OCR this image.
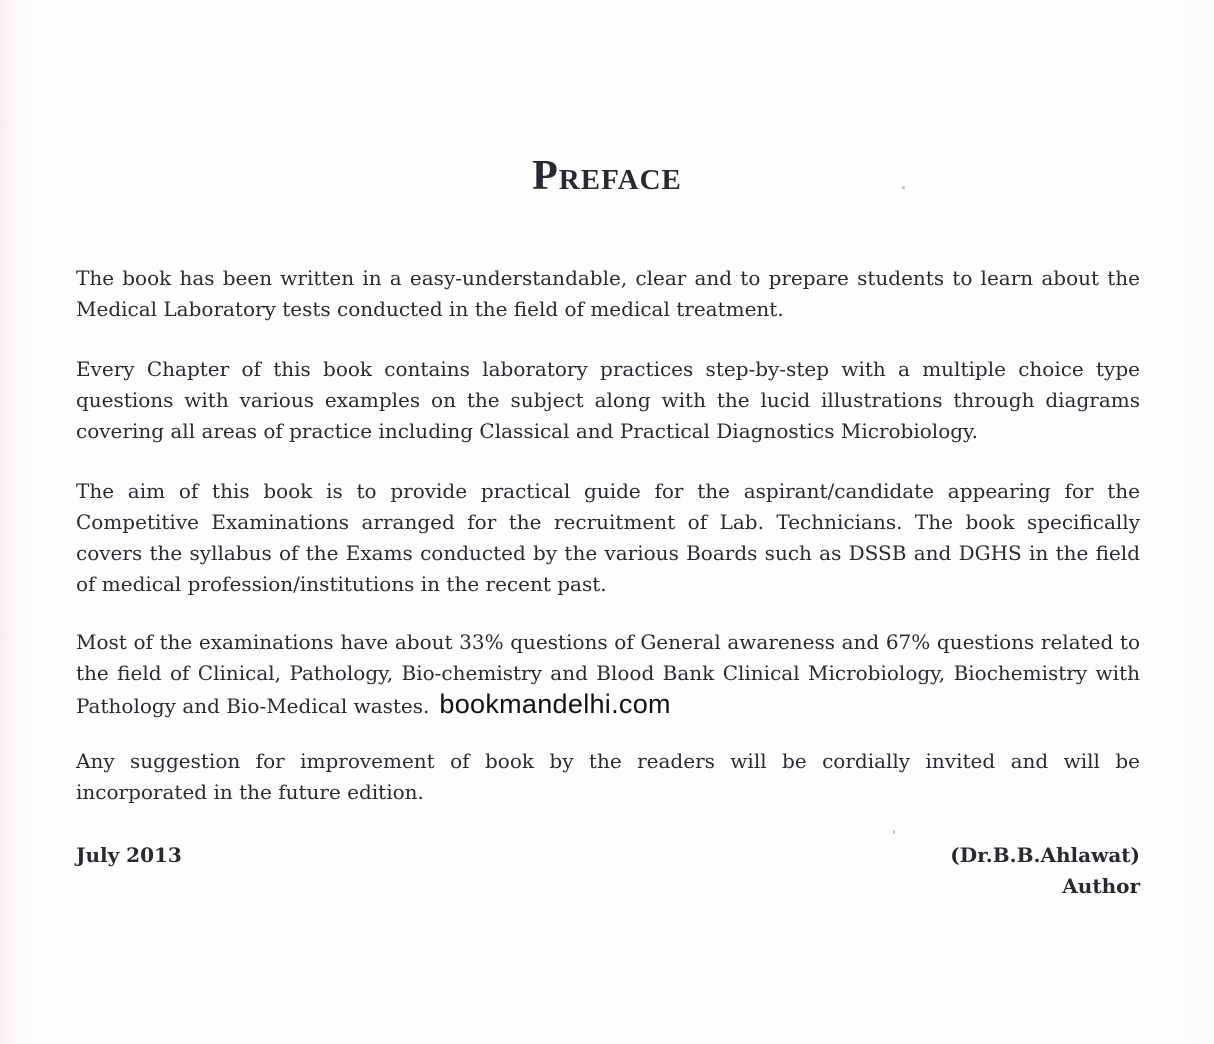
Preface

The book has been written in a easy-understandable, clear and to prepare students to learn about the Medical Laboratory tests conducted in the field of medical treatment.

Every Chapter of this book contains laboratory practices step-by-step with a multiple choice type questions with various examples on the subject along with the lucid illustrations through diagrams covering all areas of practice including Classical and Practical Diagnostics Microbiology.

The aim of this book is to provide practical guide for the aspirant/candidate appearing for the Competitive Examinations arranged for the recruitment of Lab. Technicians. The book specifically covers the syllabus of the Exams conducted by the various Boards such as DSSB and DGHS in the field of medical profession/institutions in the recent past.

Most of the examinations have about 33% questions of General awareness and 67% questions related to the field of Clinical, Pathology, Bio-chemistry and Blood Bank Clinical Microbiology, Biochemistry with Pathology and Bio-Medical wastes. bookmandelhi.com

Any suggestion for improvement of book by the readers will be cordially invited and will be incorporated in the future edition.

July 2013	(Dr.B.B.Ahlawat)
Author
